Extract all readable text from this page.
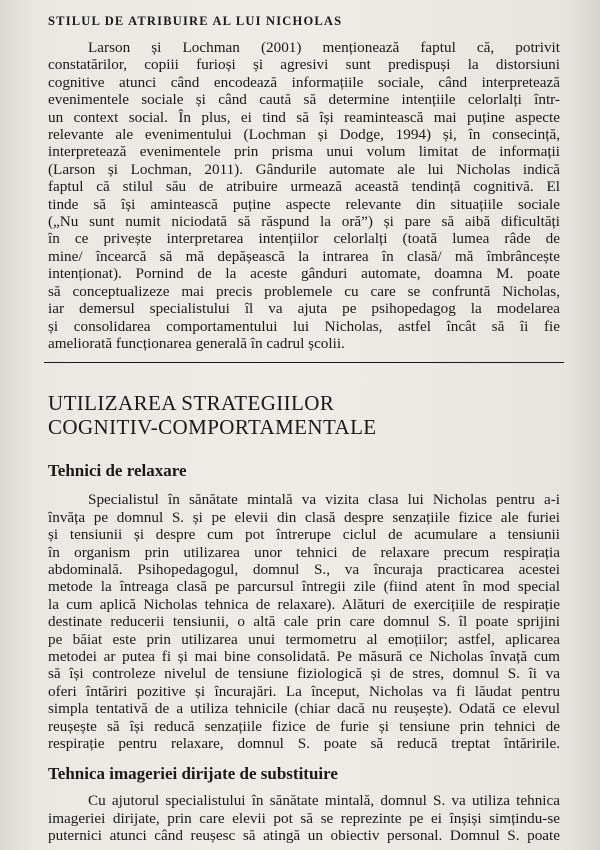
STILUL DE ATRIBUIRE AL LUI NICHOLAS
Larson și Lochman (2001) menționează faptul că, potrivit
constatărilor, copiii furioși și agresivi sunt predispuși la distorsiuni
cognitive atunci când encodează informațiile sociale, când interpretează
evenimentele sociale și când caută să determine intențiile celorlalți într-
un context social. În plus, ei tind să își reamintească mai puține aspecte
relevante ale evenimentului (Lochman și Dodge, 1994) și, în consecință,
interpretează evenimentele prin prisma unui volum limitat de informații
(Larson și Lochman, 2011). Gândurile automate ale lui Nicholas indică
faptul că stilul său de atribuire urmează această tendință cognitivă. El
tinde să își amintească puține aspecte relevante din situațiile sociale
(„Nu sunt numit niciodată să răspund la oră”) și pare să aibă dificultăți
în ce privește interpretarea intențiilor celorlalți (toată lumea râde de
mine/ încearcă să mă depășească la intrarea în clasă/ mă îmbrâncește
intenționat). Pornind de la aceste gânduri automate, doamna M. poate
să conceptualizeze mai precis problemele cu care se confruntă Nicholas,
iar demersul specialistului îl va ajuta pe psihopedagog la modelarea
și consolidarea comportamentului lui Nicholas, astfel încât să îi fie
ameliorată funcționarea generală în cadrul școlii.
UTILIZAREA STRATEGIILOR
COGNITIV-COMPORTAMENTALE
Tehnici de relaxare
Specialistul în sănătate mintală va vizita clasa lui Nicholas pentru a-i
învăța pe domnul S. și pe elevii din clasă despre senzațiile fizice ale furiei
și tensiunii și despre cum pot întrerupe ciclul de acumulare a tensiunii
în organism prin utilizarea unor tehnici de relaxare precum respirația
abdominală. Psihopedagogul, domnul S., va încuraja practicarea acestei
metode la întreaga clasă pe parcursul întregii zile (fiind atent în mod special
la cum aplică Nicholas tehnica de relaxare). Alături de exercițiile de respirație
destinate reducerii tensiunii, o altă cale prin care domnul S. îl poate sprijini
pe băiat este prin utilizarea unui termometru al emoțiilor; astfel, aplicarea
metodei ar putea fi și mai bine consolidată. Pe măsură ce Nicholas învață cum
să își controleze nivelul de tensiune fiziologică și de stres, domnul S. îi va
oferi întăriri pozitive și încurajări. La început, Nicholas va fi lăudat pentru
simpla tentativă de a utiliza tehnicile (chiar dacă nu reușește). Odată ce elevul
reușește să își reducă senzațiile fizice de furie și tensiune prin tehnici de
respirație pentru relaxare, domnul S. poate să reducă treptat întăririle.
Tehnica imageriei dirijate de substituire
Cu ajutorul specialistului în sănătate mintală, domnul S. va utiliza tehnica
imageriei dirijate, prin care elevii pot să se reprezinte pe ei înșiși simțindu-se
puternici atunci când reușesc să atingă un obiectiv personal. Domnul S. poate
